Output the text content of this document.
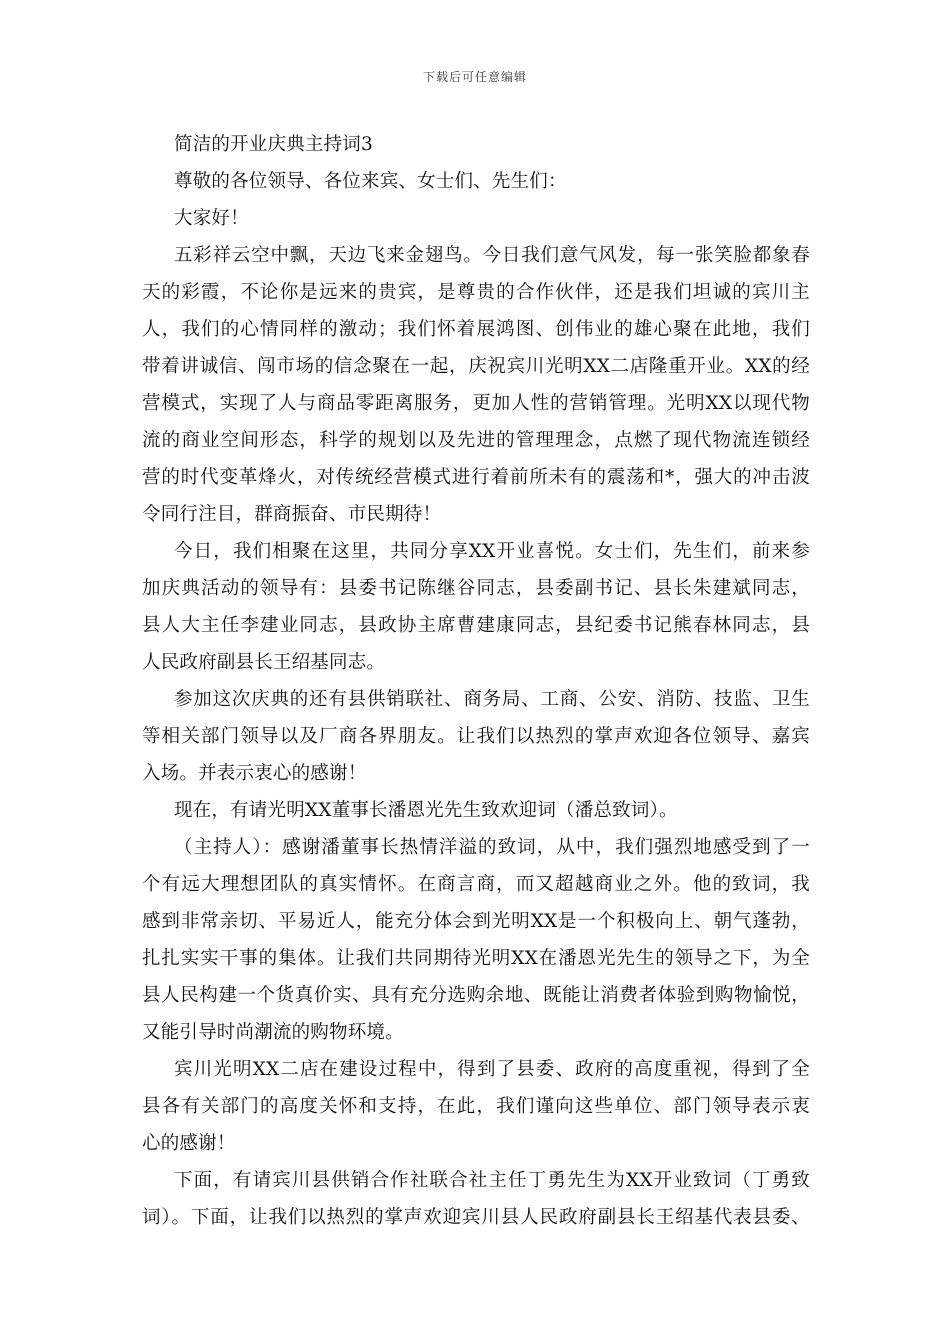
下载后可任意编辑
简洁的开业庆典主持词3
尊敬的各位领导、各位来宾、女士们、先生们：
大家好！
五彩祥云空中飘，天边飞来金翅鸟。今日我们意气风发，每一张笑脸都象春
天的彩霞，不论你是远来的贵宾，是尊贵的合作伙伴，还是我们坦诚的宾川主
人，我们的心情同样的激动；我们怀着展鸿图、创伟业的雄心聚在此地，我们
带着讲诚信、闯市场的信念聚在一起，庆祝宾川光明XX二店隆重开业。XX的经
营模式，实现了人与商品零距离服务，更加人性的营销管理。光明XX以现代物
流的商业空间形态，科学的规划以及先进的管理理念，点燃了现代物流连锁经
营的时代变革烽火，对传统经营模式进行着前所未有的震荡和*，强大的冲击波
令同行注目，群商振奋、市民期待！
今日，我们相聚在这里，共同分享XX开业喜悦。女士们，先生们，前来参
加庆典活动的领导有：县委书记陈继谷同志，县委副书记、县长朱建斌同志，
县人大主任李建业同志，县政协主席曹建康同志，县纪委书记熊春林同志，县
人民政府副县长王绍基同志。
参加这次庆典的还有县供销联社、商务局、工商、公安、消防、技监、卫生
等相关部门领导以及厂商各界朋友。让我们以热烈的掌声欢迎各位领导、嘉宾
入场。并表示衷心的感谢！
现在，有请光明XX董事长潘恩光先生致欢迎词（潘总致词）。
（主持人）：感谢潘董事长热情洋溢的致词，从中，我们强烈地感受到了一
个有远大理想团队的真实情怀。在商言商，而又超越商业之外。他的致词，我
感到非常亲切、平易近人，能充分体会到光明XX是一个积极向上、朝气蓬勃，
扎扎实实干事的集体。让我们共同期待光明XX在潘恩光先生的领导之下，为全
县人民构建一个货真价实、具有充分选购余地、既能让消费者体验到购物愉悦，
又能引导时尚潮流的购物环境。
宾川光明XX二店在建设过程中，得到了县委、政府的高度重视，得到了全
县各有关部门的高度关怀和支持，在此，我们谨向这些单位、部门领导表示衷
心的感谢！
下面，有请宾川县供销合作社联合社主任丁勇先生为XX开业致词（丁勇致
词）。下面，让我们以热烈的掌声欢迎宾川县人民政府副县长王绍基代表县委、
